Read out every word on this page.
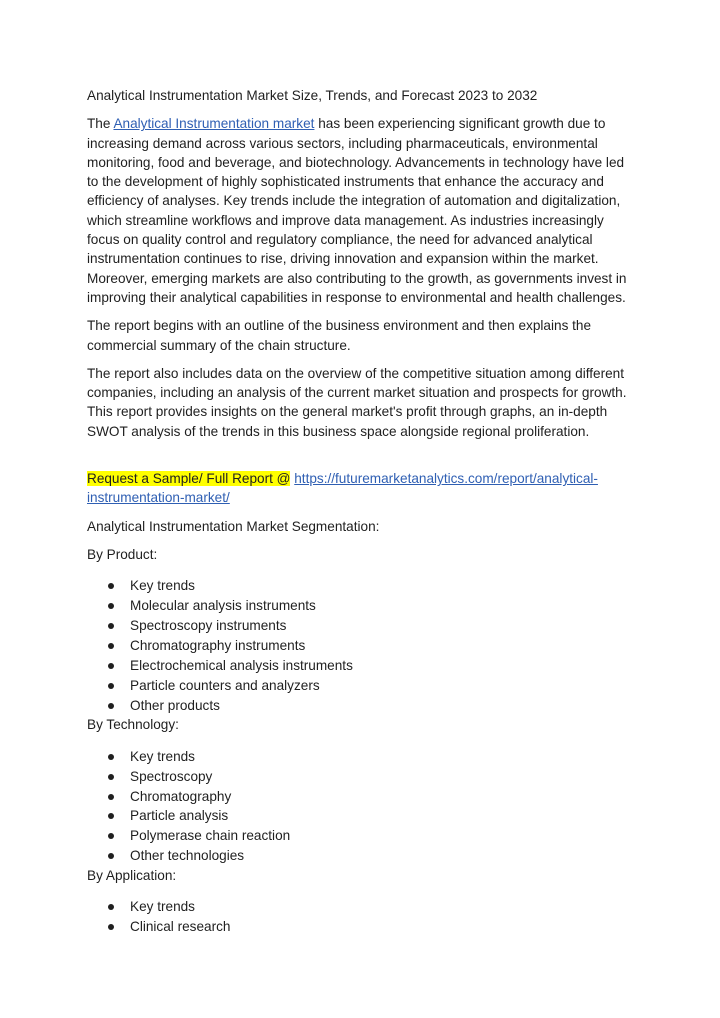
Analytical Instrumentation Market Size, Trends, and Forecast 2023 to 2032

The Analytical Instrumentation market has been experiencing significant growth due to increasing demand across various sectors, including pharmaceuticals, environmental monitoring, food and beverage, and biotechnology. Advancements in technology have led to the development of highly sophisticated instruments that enhance the accuracy and efficiency of analyses. Key trends include the integration of automation and digitalization, which streamline workflows and improve data management. As industries increasingly focus on quality control and regulatory compliance, the need for advanced analytical instrumentation continues to rise, driving innovation and expansion within the market. Moreover, emerging markets are also contributing to the growth, as governments invest in improving their analytical capabilities in response to environmental and health challenges.

The report begins with an outline of the business environment and then explains the commercial summary of the chain structure.

The report also includes data on the overview of the competitive situation among different companies, including an analysis of the current market situation and prospects for growth. This report provides insights on the general market's profit through graphs, an in-depth SWOT analysis of the trends in this business space alongside regional proliferation.

Request a Sample/ Full Report @ https://futuremarketanalytics.com/report/analytical-instrumentation-market/

Analytical Instrumentation Market Segmentation:

By Product:

Key trends
Molecular analysis instruments
Spectroscopy instruments
Chromatography instruments
Electrochemical analysis instruments
Particle counters and analyzers
Other products

By Technology:

Key trends
Spectroscopy
Chromatography
Particle analysis
Polymerase chain reaction
Other technologies

By Application:

Key trends
Clinical research
